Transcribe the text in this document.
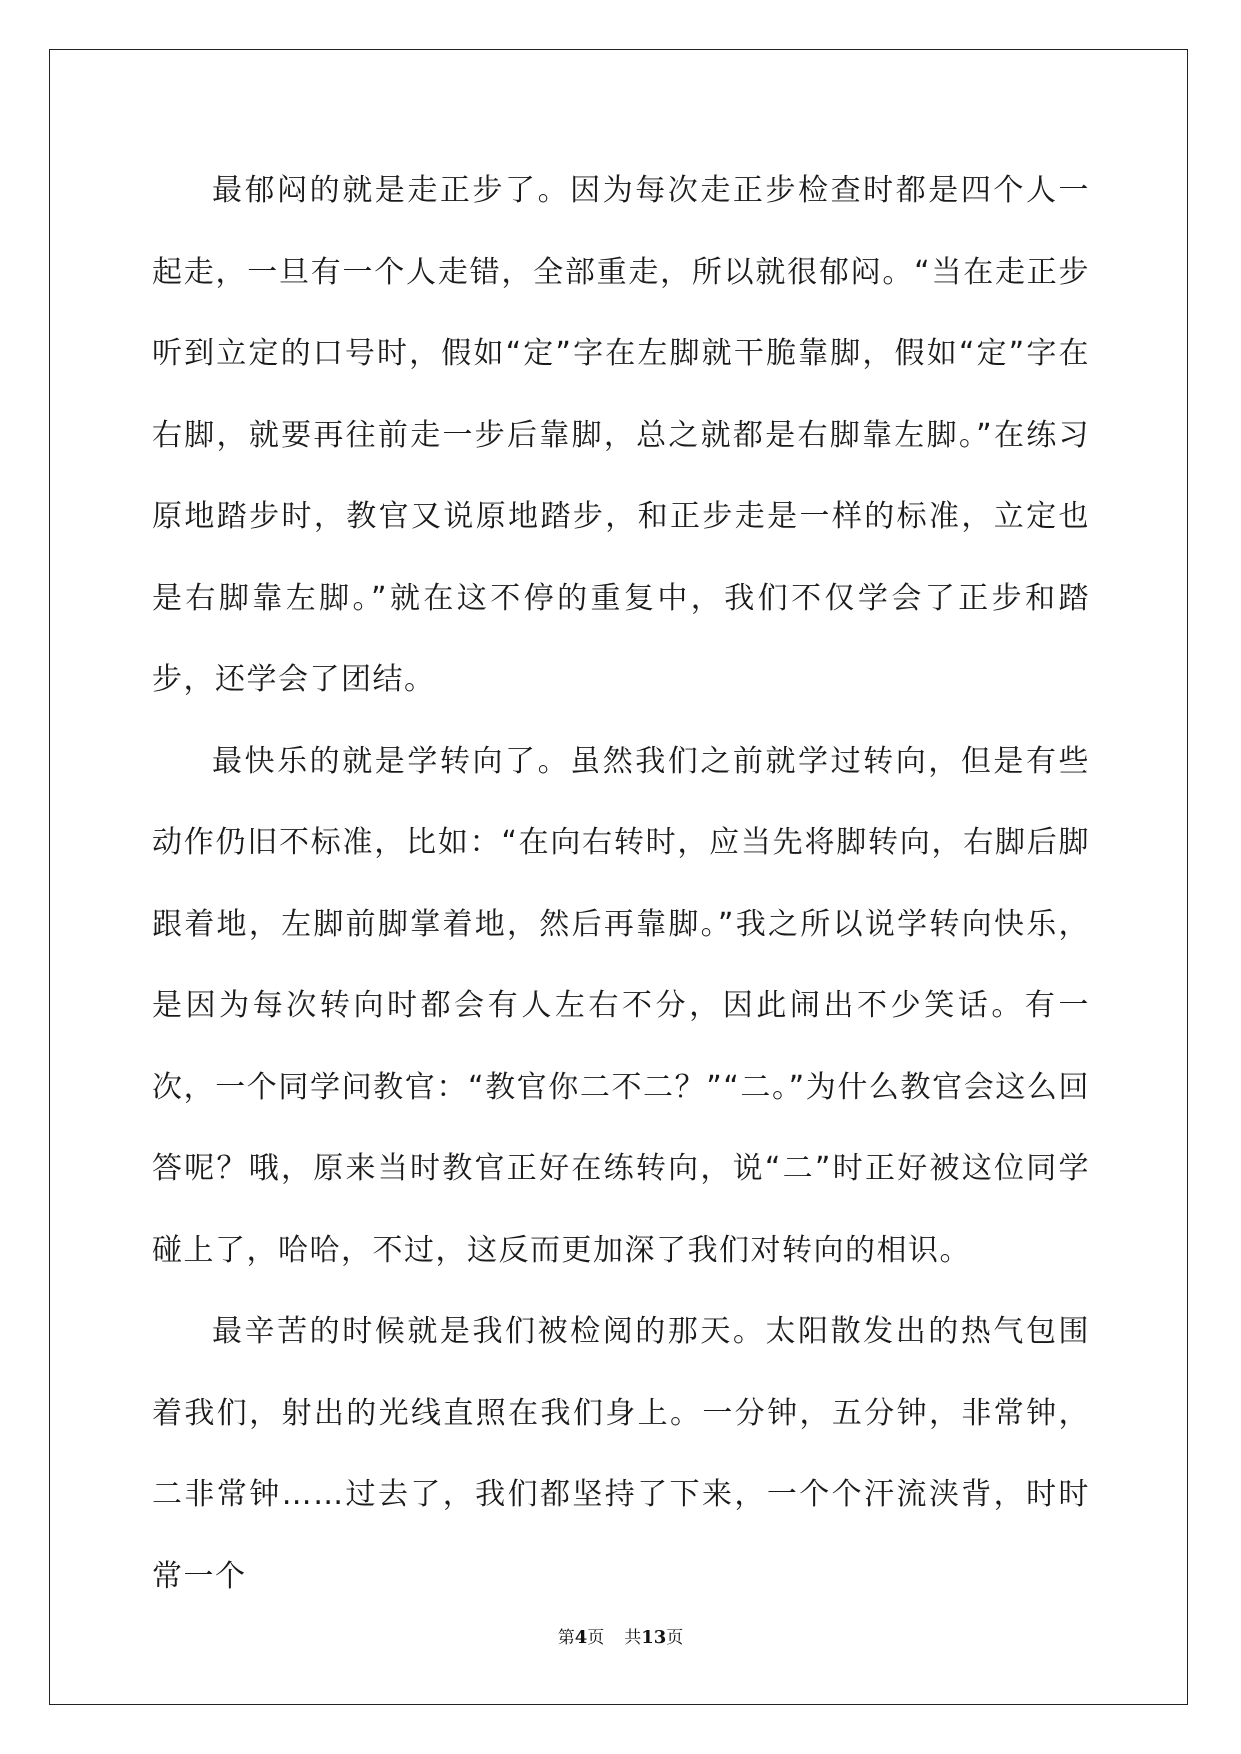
最郁闷的就是走正步了。因为每次走正步检查时都是四个人一起走，一旦有一个人走错，全部重走，所以就很郁闷。“当在走正步听到立定的口号时，假如“定”字在左脚就干脆靠脚，假如“定”字在右脚，就要再往前走一步后靠脚，总之就都是右脚靠左脚。”在练习原地踏步时，教官又说原地踏步，和正步走是一样的标准，立定也是右脚靠左脚。”就在这不停的重复中，我们不仅学会了正步和踏步，还学会了团结。

最快乐的就是学转向了。虽然我们之前就学过转向，但是有些动作仍旧不标准，比如：“在向右转时，应当先将脚转向，右脚后脚跟着地，左脚前脚掌着地，然后再靠脚。”我之所以说学转向快乐，是因为每次转向时都会有人左右不分，因此闹出不少笑话。有一次，一个同学问教官：“教官你二不二？”“二。”为什么教官会这么回答呢？哦，原来当时教官正好在练转向，说“二”时正好被这位同学碰上了，哈哈，不过，这反而更加深了我们对转向的相识。

最辛苦的时候就是我们被检阅的那天。太阳散发出的热气包围着我们，射出的光线直照在我们身上。一分钟，五分钟，非常钟，二非常钟……过去了，我们都坚持了下来，一个个汗流浃背，时时常一个

第4页 共13页
